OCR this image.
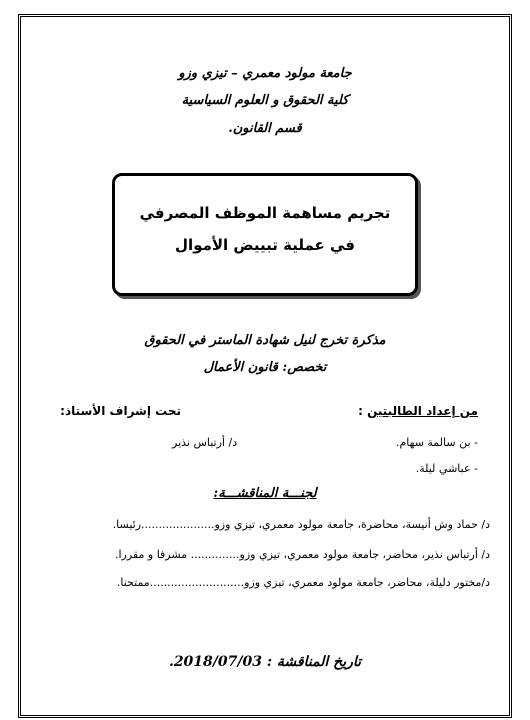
جامعة مولود معمري – تيزي وزو
كلية الحقوق و العلوم السياسية
قسم القانون.
تجريم مساهمة الموظف المصرفي
في عملية تبييض الأموال
مذكرة تخرج لنيل شهادة الماستر في الحقوق
تخصص: قانون الأعمال
من إعداد الطالبتين :
تحت إشراف الأستاذ:
- بن سالمة سهام.
د/ أرتباس نذير
- عباشي ليلة.
لجنـــة المناقشـــة:
د/ حماد وش أنيسة، محاضرة، جامعة مولود معمري، تيزي وزو.....................رئيسا.
د/ أرتباس نذير، محاضر، جامعة مولود معمري، تيزي وزو.............. مشرفا و مقررا.
د/مختور دليلة، محاضر، جامعة مولود معمري، تيزي وزو...........................ممتحنا.
تاريخ المناقشة : 2018/07/03.
